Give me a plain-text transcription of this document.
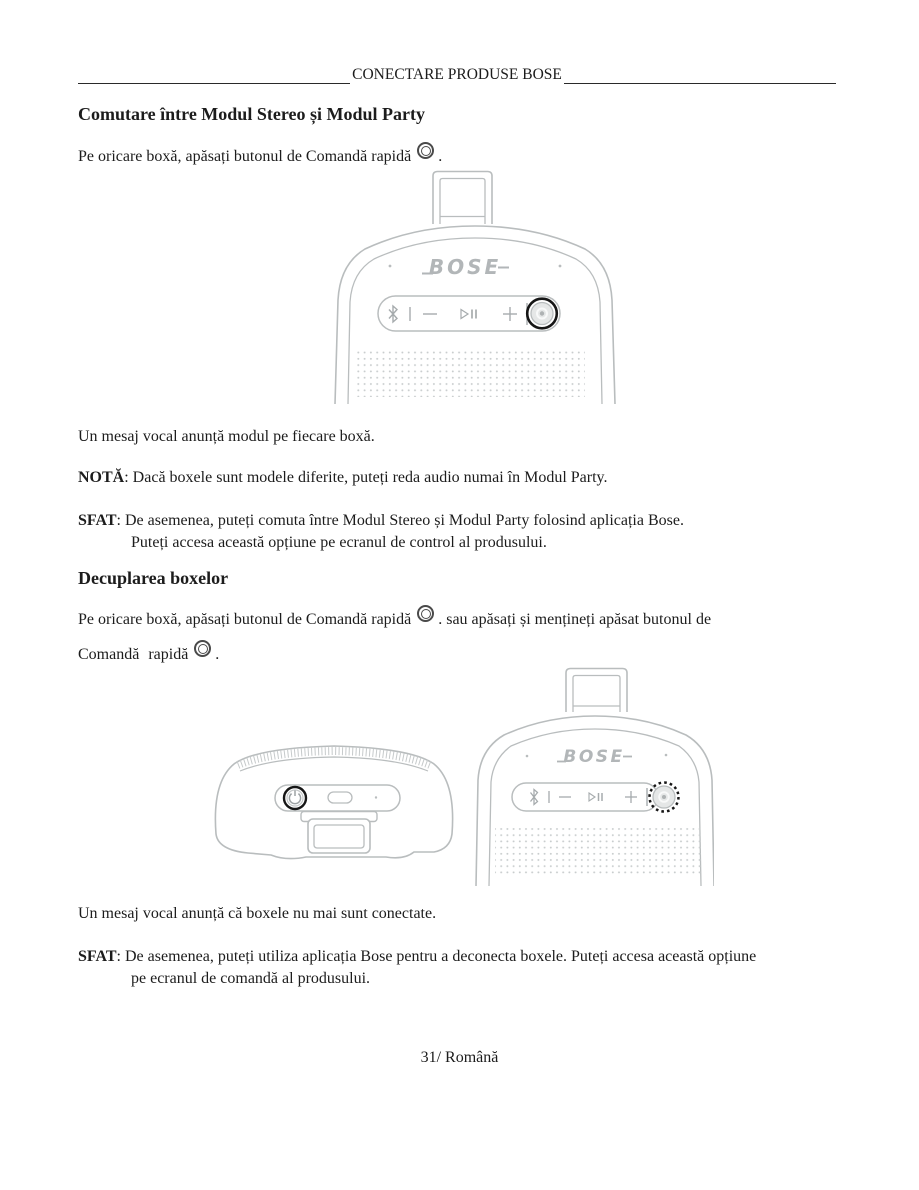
CONECTARE PRODUSE BOSE
Comutare între Modul Stereo și Modul Party
Pe oricare boxă, apăsați butonul de Comandă rapidă .
BOSE
Un mesaj vocal anunță modul pe fiecare boxă.
NOTĂ: Dacă boxele sunt modele diferite, puteți reda audio numai în Modul Party.
SFAT: De asemenea, puteți comuta între Modul Stereo și Modul Party folosind aplicația Bose.
Puteți accesa această opțiune pe ecranul de control al produsului.
Decuplarea boxelor
Pe oricare boxă, apăsați butonul de Comandă rapidă . sau apăsați și mențineți apăsat butonul de
Comandă rapidă .
BOSE
Un mesaj vocal anunță că boxele nu mai sunt conectate.
SFAT: De asemenea, puteți utiliza aplicația Bose pentru a deconecta boxele. Puteți accesa această opțiune
pe ecranul de comandă al produsului.
31/ Română
